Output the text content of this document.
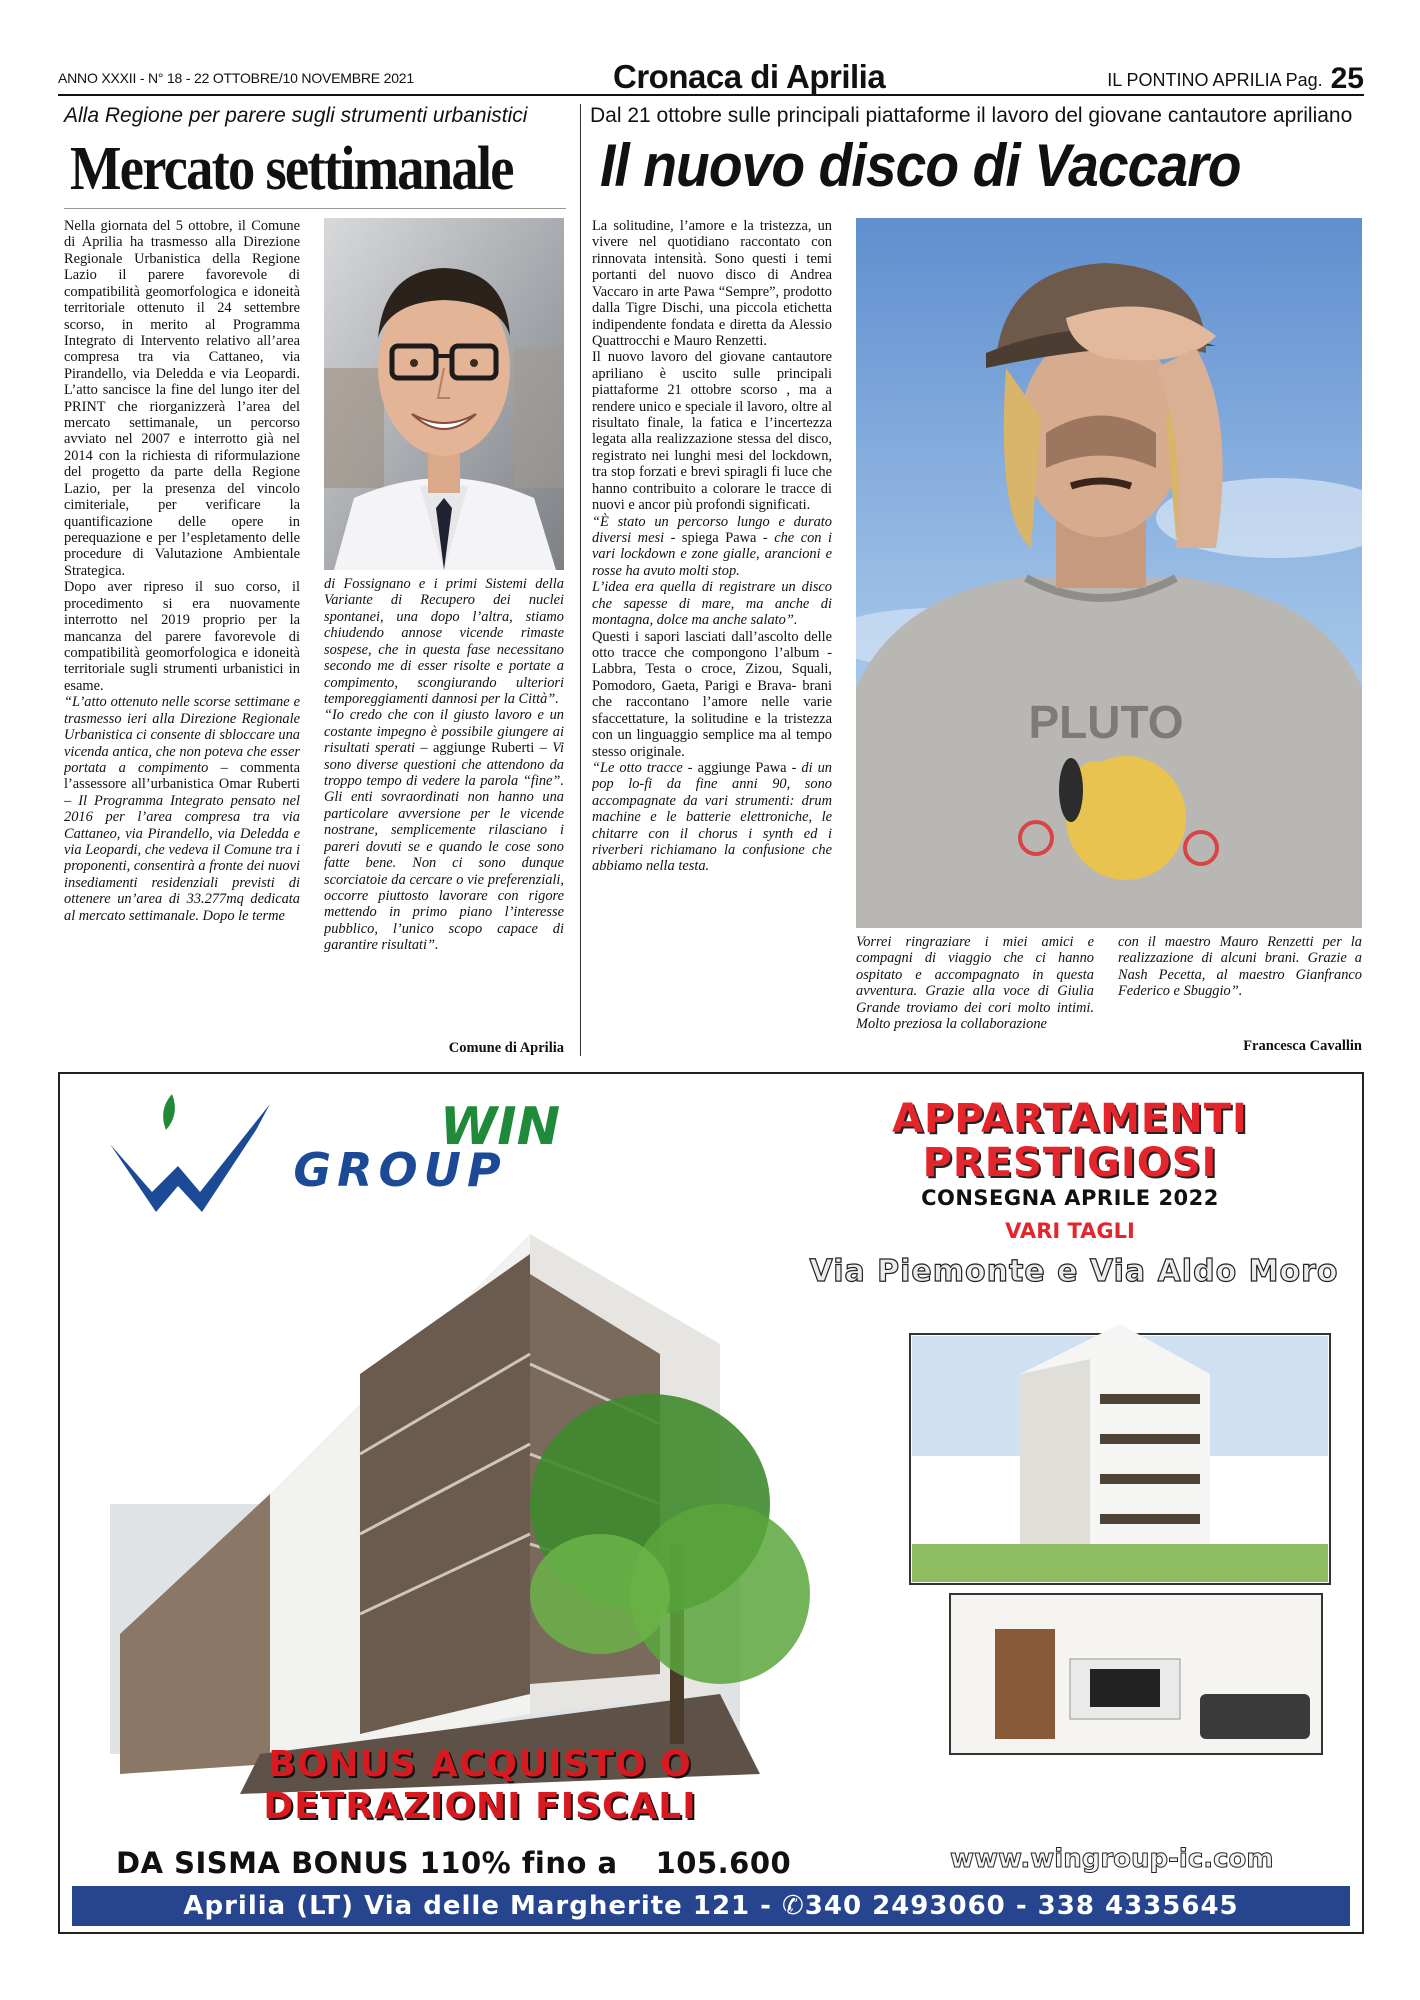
ANNO XXXII - N° 18 - 22 OTTOBRE/10 NOVEMBRE 2021	Cronaca di Aprilia	IL PONTINO APRILIA Pag. 25
Alla Regione per parere sugli strumenti urbanistici
Mercato settimanale

Nella giornata del 5 ottobre, il Comune di Aprilia ha trasmesso alla Direzione Regionale Urbanistica della Regione Lazio il parere favorevole di compatibilità geomorfologica e idoneità territoriale ottenuto il 24 settembre scorso, in merito al Programma Integrato di Intervento relativo all’area compresa tra via Cattaneo, via Pirandello, via Deledda e via Leopardi. L’atto sancisce la fine del lungo iter del PRINT che riorganizzerà l’area del mercato settimanale, un percorso avviato nel 2007 e interrotto già nel 2014 con la richiesta di riformulazione del progetto da parte della Regione Lazio, per la presenza del vincolo cimiteriale, per verificare la quantificazione delle opere in perequazione e per l’espletamento delle procedure di Valutazione Ambientale Strategica.

Dopo aver ripreso il suo corso, il procedimento si era nuovamente interrotto nel 2019 proprio per la mancanza del parere favorevole di compatibilità geomorfologica e idoneità territoriale sugli strumenti urbanistici in esame.

“L’atto ottenuto nelle scorse settimane e trasmesso ieri alla Direzione Regionale Urbanistica ci consente di sbloccare una vicenda antica, che non poteva che esser portata a compimento – commenta l’assessore all’urbanistica Omar Ruberti – Il Programma Integrato pensato nel 2016 per l’area compresa tra via Cattaneo, via Pirandello, via Deledda e via Leopardi, che vedeva il Comune tra i proponenti, consentirà a fronte dei nuovi insediamenti residenziali previsti di ottenere un’area di 33.277mq dedicata al mercato settimanale. Dopo le terme

di Fossignano e i primi Sistemi della Variante di Recupero dei nuclei spontanei, una dopo l’altra, stiamo chiudendo annose vicende rimaste sospese, che in questa fase necessitano secondo me di esser risolte e portate a compimento, scongiurando ulteriori temporeggiamenti dannosi per la Città”.

“Io credo che con il giusto lavoro e un costante impegno è possibile giungere ai risultati sperati – aggiunge Ruberti – Vi sono diverse questioni che attendono da troppo tempo di vedere la parola “fine”. Gli enti sovraordinati non hanno una particolare avversione per le vicende nostrane, semplicemente rilasciano i pareri dovuti se e quando le cose sono fatte bene. Non ci sono dunque scorciatoie da cercare o vie preferenziali, occorre piuttosto lavorare con rigore mettendo in primo piano l’interesse pubblico, l’unico scopo capace di garantire risultati”.

Comune di Aprilia
Dal 21 ottobre sulle principali piattaforme il lavoro del giovane cantautore apriliano
Il nuovo disco di Vaccaro

La solitudine, l’amore e la tristezza, un vivere nel quotidiano raccontato con rinnovata intensità. Sono questi i temi portanti del nuovo disco di Andrea Vaccaro in arte Pawa “Sempre”, prodotto dalla Tigre Dischi, una piccola etichetta indipendente fondata e diretta da Alessio Quattrocchi e Mauro Renzetti.

Il nuovo lavoro del giovane cantautore apriliano è uscito sulle principali piattaforme 21 ottobre scorso , ma a rendere unico e speciale il lavoro, oltre al risultato finale, la fatica e l’incertezza legata alla realizzazione stessa del disco, registrato nei lunghi mesi del lockdown, tra stop forzati e brevi spiragli fi luce che hanno contribuito a colorare le tracce di nuovi e ancor più profondi significati.

“È stato un percorso lungo e durato diversi mesi - spiega Pawa - che con i vari lockdown e zone gialle, arancioni e rosse ha avuto molti stop.

L’idea era quella di registrare un disco che sapesse di mare, ma anche di montagna, dolce ma anche salato”.

Questi i sapori lasciati dall’ascolto delle otto tracce che compongono l’album - Labbra, Testa o croce, Zizou, Squali, Pomodoro, Gaeta, Parigi e Brava- brani che raccontano l’amore nelle varie sfaccettature, la solitudine e la tristezza con un linguaggio semplice ma al tempo stesso originale.

“Le otto tracce - aggiunge Pawa - di un pop lo-fi da fine anni 90, sono accompagnate da vari strumenti: drum machine e le batterie elettroniche, le chitarre con il chorus i synth ed i riverberi richiamano la confusione che abbiamo nella testa.

PLUTO
Vorrei ringraziare i miei amici e compagni di viaggio che ci hanno ospitato e accompagnato in questa avventura. Grazie alla voce di Giulia Grande troviamo dei cori molto intimi. Molto preziosa la collaborazione
con il maestro Mauro Renzetti per la realizzazione di alcuni brani. Grazie a Nash Pecetta, al maestro Gianfranco Federico e Sbuggio”.
Francesca Cavallin
WIN
GROUP
APPARTAMENTI
PRESTIGIOSI
CONSEGNA APRILE 2022
VARI TAGLI
Via Piemonte e Via Aldo Moro
BONUS ACQUISTO O
DETRAZIONI FISCALI
DA SISMA BONUS 110% fino a 105.600	www.wingroup-ic.com
Aprilia (LT) Via delle Margherite 121 - ✆340 2493060 - 338 4335645
